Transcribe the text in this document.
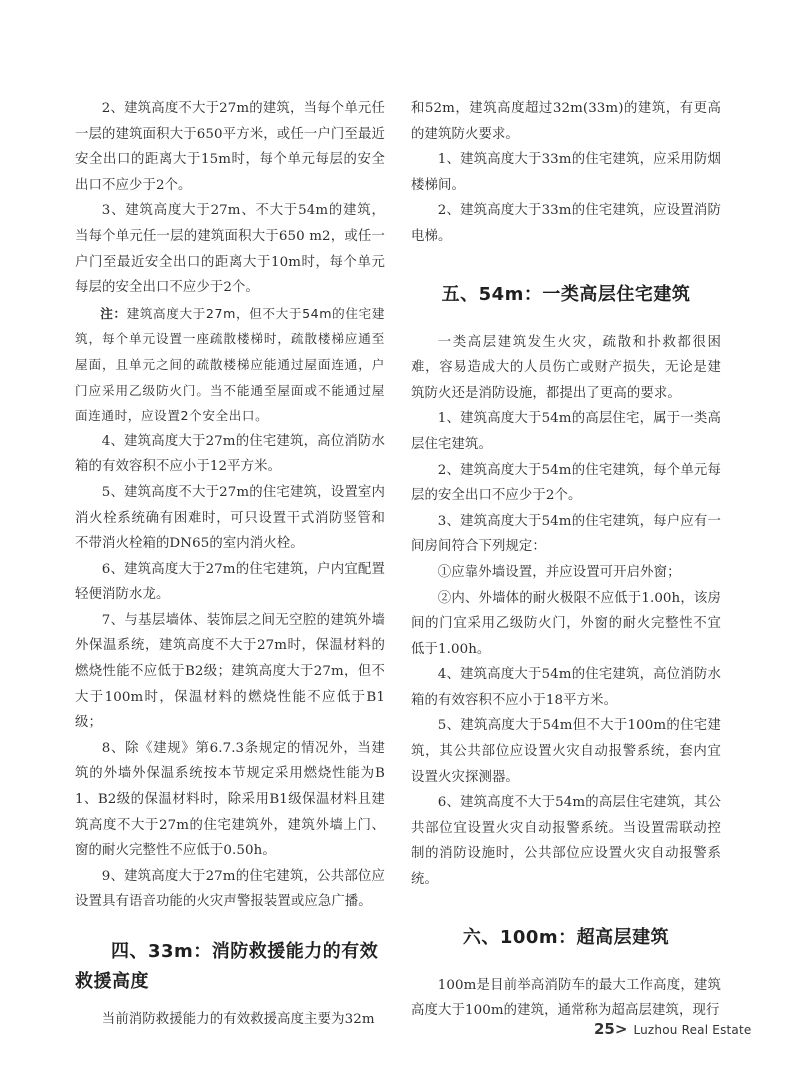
2、建筑高度不大于27m的建筑，当每个单元任一层的建筑面积大于650平方米，或任一户门至最近安全出口的距离大于15m时，每个单元每层的安全出口不应少于2个。

3、建筑高度大于27m、不大于54m的建筑，当每个单元任一层的建筑面积大于650 m2，或任一户门至最近安全出口的距离大于10m时，每个单元每层的安全出口不应少于2个。

注：建筑高度大于27m，但不大于54m的住宅建筑，每个单元设置一座疏散楼梯时，疏散楼梯应通至屋面，且单元之间的疏散楼梯应能通过屋面连通，户门应采用乙级防火门。当不能通至屋面或不能通过屋面连通时，应设置2个安全出口。

4、建筑高度大于27m的住宅建筑，高位消防水箱的有效容积不应小于12平方米。

5、建筑高度不大于27m的住宅建筑，设置室内消火栓系统确有困难时，可只设置干式消防竖管和不带消火栓箱的DN65的室内消火栓。

6、建筑高度大于27m的住宅建筑，户内宜配置轻便消防水龙。

7、与基层墙体、装饰层之间无空腔的建筑外墙外保温系统，建筑高度不大于27m时，保温材料的燃烧性能不应低于B2级；建筑高度大于27m，但不大于100m时，保温材料的燃烧性能不应低于B1级；

8、除《建规》第6.7.3条规定的情况外，当建筑的外墙外保温系统按本节规定采用燃烧性能为B1、B2级的保温材料时，除采用B1级保温材料且建筑高度不大于27m的住宅建筑外，建筑外墙上门、窗的耐火完整性不应低于0.50h。

9、建筑高度大于27m的住宅建筑，公共部位应设置具有语音功能的火灾声警报装置或应急广播。

四、33m：消防救援能力的有效救援高度

当前消防救援能力的有效救援高度主要为32m

和52m，建筑高度超过32m(33m)的建筑，有更高的建筑防火要求。

1、建筑高度大于33m的住宅建筑，应采用防烟楼梯间。

2、建筑高度大于33m的住宅建筑，应设置消防电梯。

五、54m：一类高层住宅建筑

一类高层建筑发生火灾，疏散和扑救都很困难，容易造成大的人员伤亡或财产损失，无论是建筑防火还是消防设施，都提出了更高的要求。

1、建筑高度大于54m的高层住宅，属于一类高层住宅建筑。

2、建筑高度大于54m的住宅建筑，每个单元每层的安全出口不应少于2个。

3、建筑高度大于54m的住宅建筑，每户应有一间房间符合下列规定：

①应靠外墙设置，并应设置可开启外窗；

②内、外墙体的耐火极限不应低于1.00h，该房间的门宜采用乙级防火门，外窗的耐火完整性不宜低于1.00h。

4、建筑高度大于54m的住宅建筑，高位消防水箱的有效容积不应小于18平方米。

5、建筑高度大于54m但不大于100m的住宅建筑，其公共部位应设置火灾自动报警系统，套内宜设置火灾探测器。

6、建筑高度不大于54m的高层住宅建筑，其公共部位宜设置火灾自动报警系统。当设置需联动控制的消防设施时，公共部位应设置火灾自动报警系统。

六、100m：超高层建筑

100m是目前举高消防车的最大工作高度，建筑高度大于100m的建筑，通常称为超高层建筑，现行

25 > Luzhou Real Estate
